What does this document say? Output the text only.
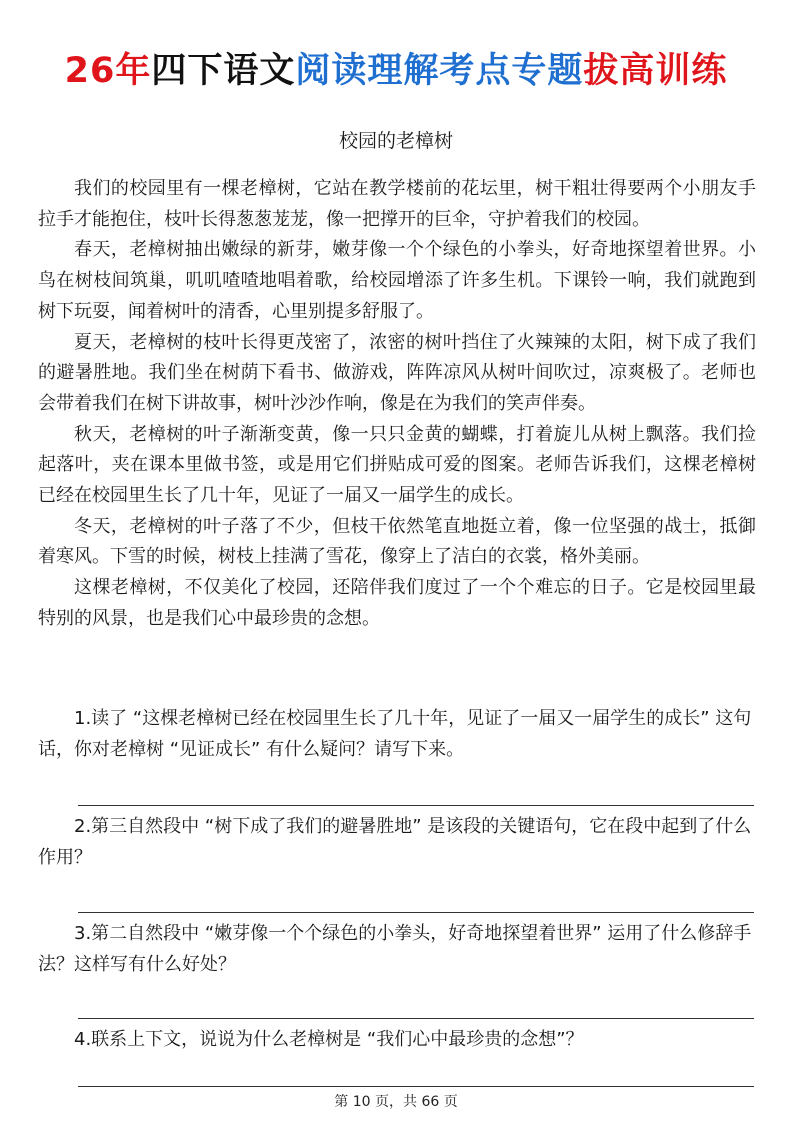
26年四下语文阅读理解考点专题拔高训练
校园的老樟树

我们的校园里有一棵老樟树，它站在教学楼前的花坛里，树干粗壮得要两个小朋友手拉手才能抱住，枝叶长得葱葱茏茏，像一把撑开的巨伞，守护着我们的校园。

春天，老樟树抽出嫩绿的新芽，嫩芽像一个个绿色的小拳头，好奇地探望着世界。小鸟在树枝间筑巢，叽叽喳喳地唱着歌，给校园增添了许多生机。下课铃一响，我们就跑到树下玩耍，闻着树叶的清香，心里别提多舒服了。

夏天，老樟树的枝叶长得更茂密了，浓密的树叶挡住了火辣辣的太阳，树下成了我们的避暑胜地。我们坐在树荫下看书、做游戏，阵阵凉风从树叶间吹过，凉爽极了。老师也会带着我们在树下讲故事，树叶沙沙作响，像是在为我们的笑声伴奏。

秋天，老樟树的叶子渐渐变黄，像一只只金黄的蝴蝶，打着旋儿从树上飘落。我们捡起落叶，夹在课本里做书签，或是用它们拼贴成可爱的图案。老师告诉我们，这棵老樟树已经在校园里生长了几十年，见证了一届又一届学生的成长。

冬天，老樟树的叶子落了不少，但枝干依然笔直地挺立着，像一位坚强的战士，抵御着寒风。下雪的时候，树枝上挂满了雪花，像穿上了洁白的衣裳，格外美丽。

这棵老樟树，不仅美化了校园，还陪伴我们度过了一个个难忘的日子。它是校园里最特别的风景，也是我们心中最珍贵的念想。

1.读了 “这棵老樟树已经在校园里生长了几十年，见证了一届又一届学生的成长” 这句话，你对老樟树 “见证成长” 有什么疑问？请写下来。

2.第三自然段中 “树下成了我们的避暑胜地” 是该段的关键语句，它在段中起到了什么作用？

3.第二自然段中 “嫩芽像一个个绿色的小拳头，好奇地探望着世界” 运用了什么修辞手法？这样写有什么好处？

4.联系上下文，说说为什么老樟树是 “我们心中最珍贵的念想”？

第 10 页，共 66 页
